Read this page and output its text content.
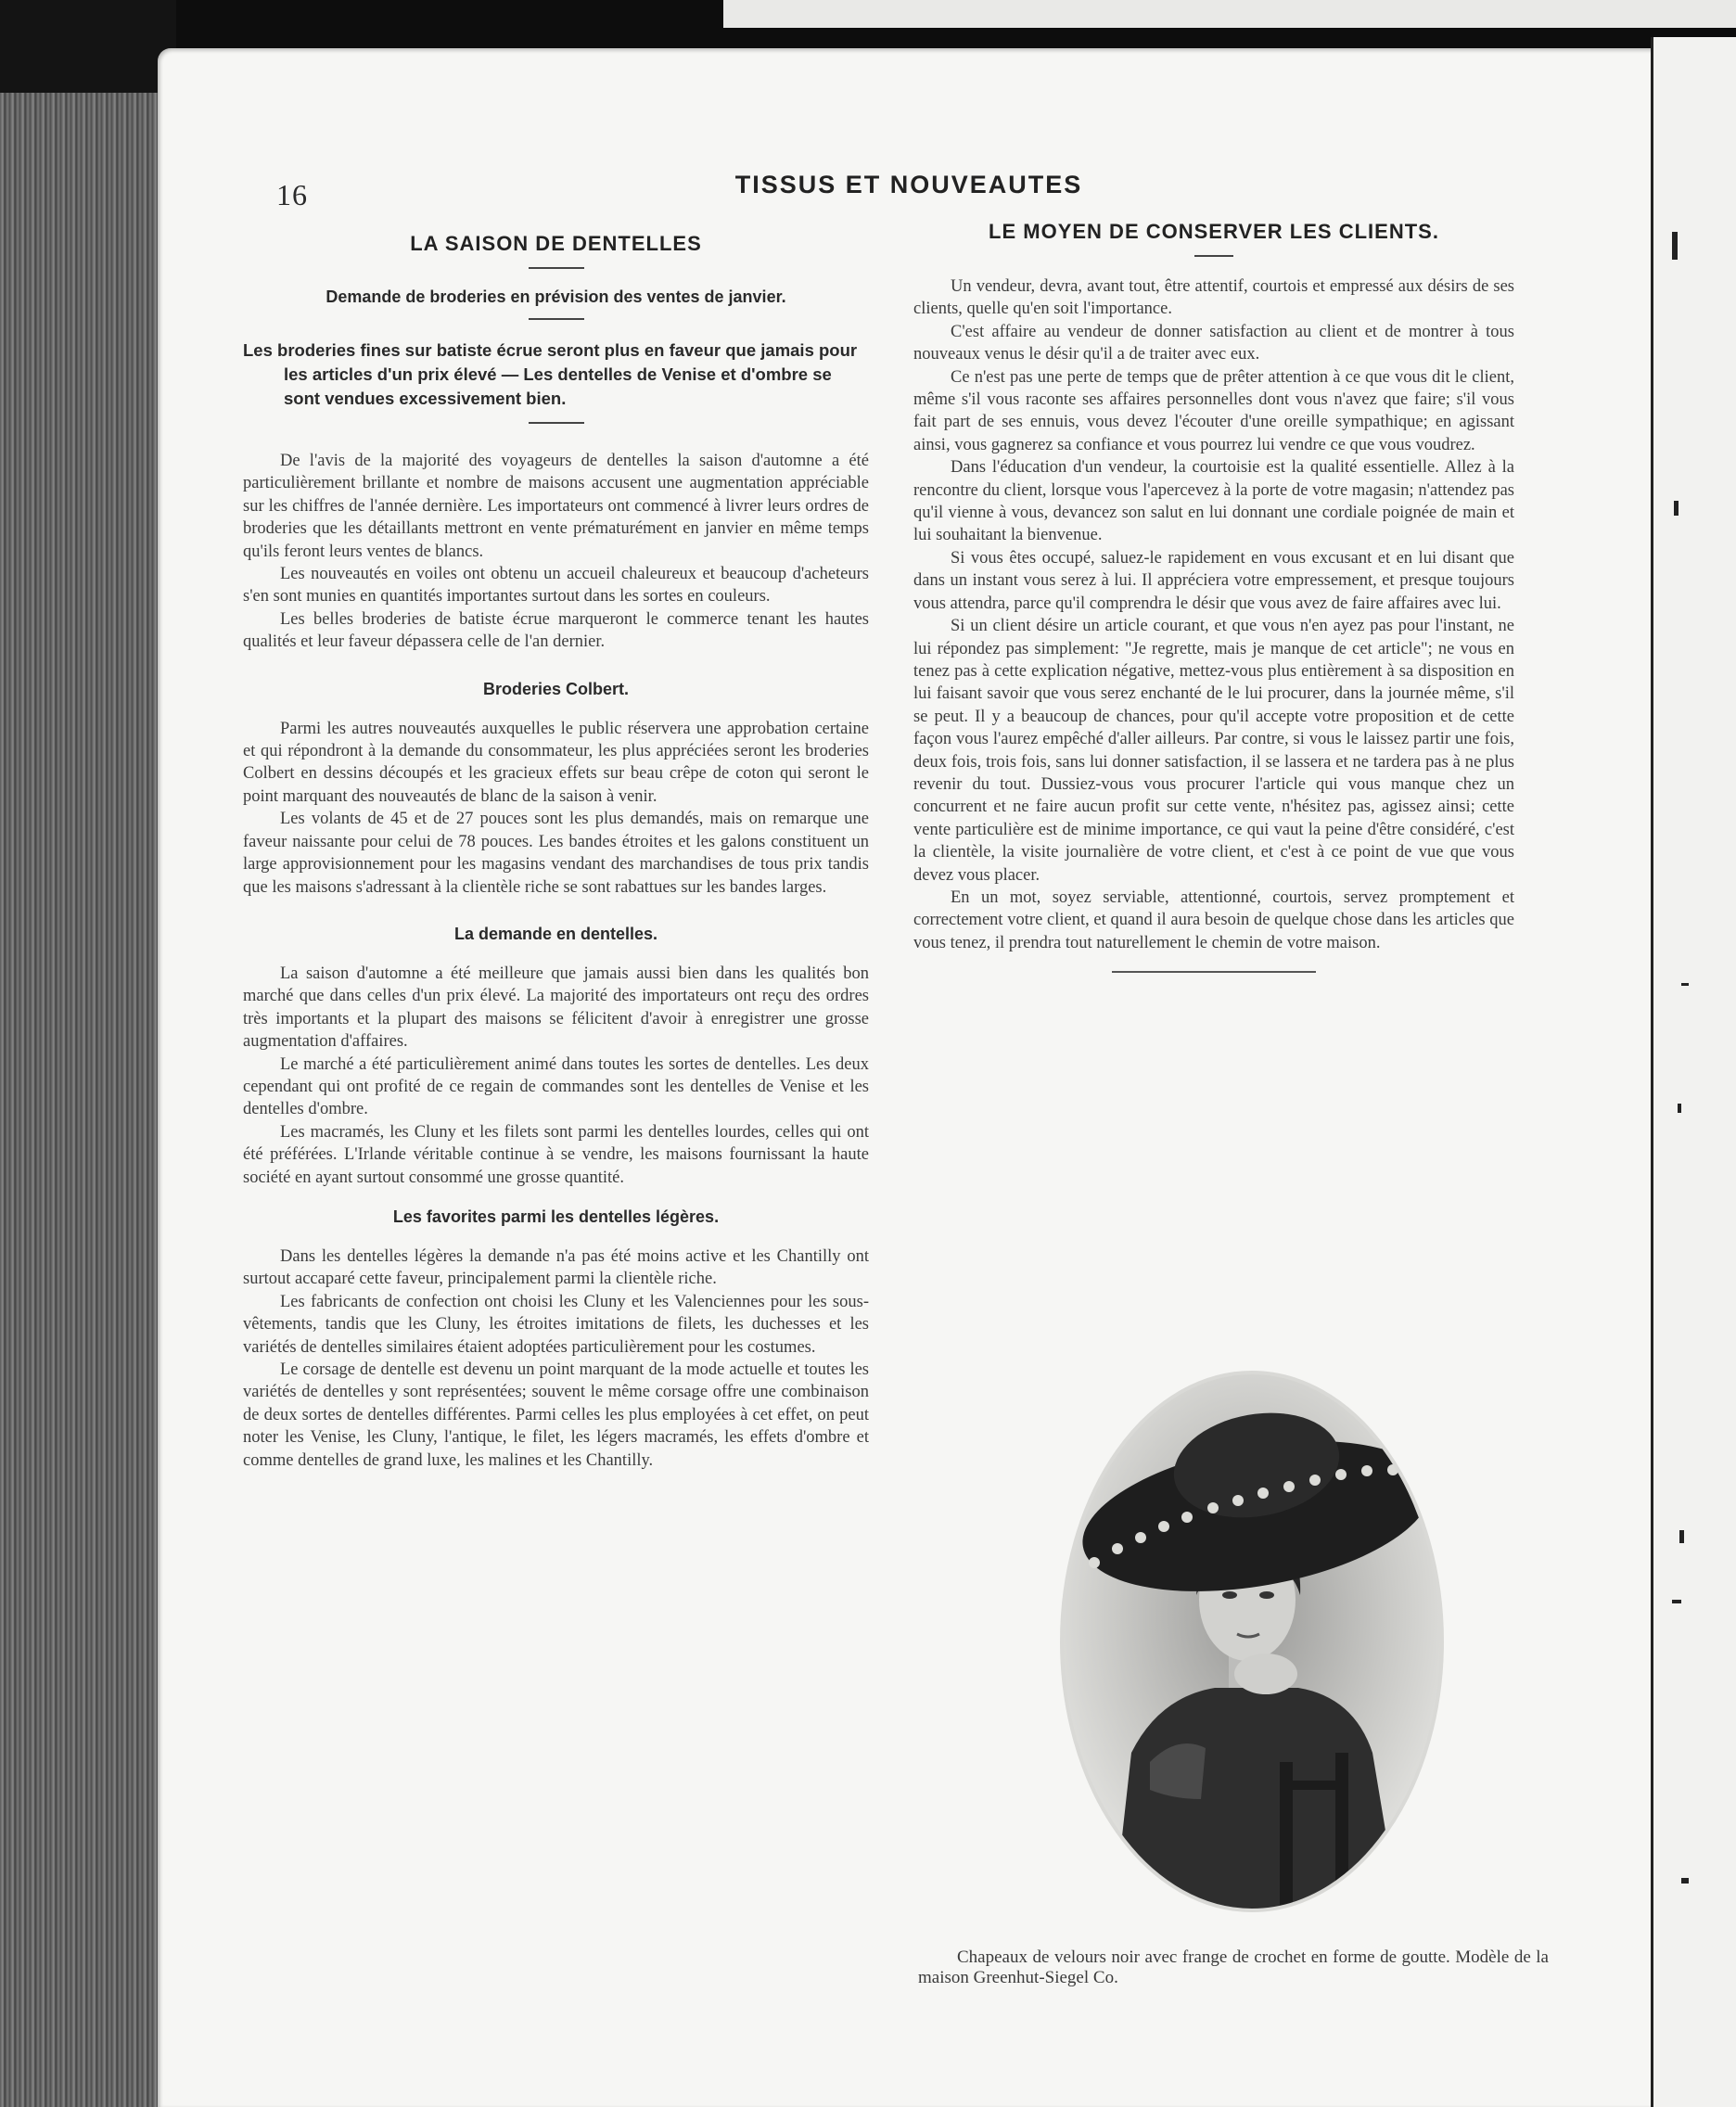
16	TISSUS ET NOUVEAUTES
LA SAISON DE DENTELLES
Demande de broderies en prévision des ventes de janvier.

Les broderies fines sur batiste écrue seront plus en faveur que jamais pour les articles d'un prix élevé — Les dentelles de Venise et d'ombre se sont vendues excessivement bien.

De l'avis de la majorité des voyageurs de dentelles la saison d'automne a été particulièrement brillante et nombre de maisons accusent une augmentation appréciable sur les chiffres de l'année dernière. Les importateurs ont commencé à livrer leurs ordres de broderies que les détaillants mettront en vente prématurément en janvier en même temps qu'ils feront leurs ventes de blancs.

Les nouveautés en voiles ont obtenu un accueil chaleureux et beaucoup d'acheteurs s'en sont munies en quantités importantes surtout dans les sortes en couleurs.

Les belles broderies de batiste écrue marqueront le commerce tenant les hautes qualités et leur faveur dépassera celle de l'an dernier.

Broderies Colbert.

Parmi les autres nouveautés auxquelles le public réservera une approbation certaine et qui répondront à la demande du consommateur, les plus appréciées seront les broderies Colbert en dessins découpés et les gracieux effets sur beau crêpe de coton qui seront le point marquant des nouveautés de blanc de la saison à venir.

Les volants de 45 et de 27 pouces sont les plus demandés, mais on remarque une faveur naissante pour celui de 78 pouces. Les bandes étroites et les galons constituent un large approvisionnement pour les magasins vendant des marchandises de tous prix tandis que les maisons s'adressant à la clientèle riche se sont rabattues sur les bandes larges.

La demande en dentelles.

La saison d'automne a été meilleure que jamais aussi bien dans les qualités bon marché que dans celles d'un prix élevé. La majorité des importateurs ont reçu des ordres très importants et la plupart des maisons se félicitent d'avoir à enregistrer une grosse augmentation d'affaires.

Le marché a été particulièrement animé dans toutes les sortes de dentelles. Les deux cependant qui ont profité de ce regain de commandes sont les dentelles de Venise et les dentelles d'ombre.

Les macramés, les Cluny et les filets sont parmi les dentelles lourdes, celles qui ont été préférées. L'Irlande véritable continue à se vendre, les maisons fournissant la haute société en ayant surtout consommé une grosse quantité.

Les favorites parmi les dentelles légères.

Dans les dentelles légères la demande n'a pas été moins active et les Chantilly ont surtout accaparé cette faveur, principalement parmi la clientèle riche.

Les fabricants de confection ont choisi les Cluny et les Valenciennes pour les sous-vêtements, tandis que les Cluny, les étroites imitations de filets, les duchesses et les variétés de dentelles similaires étaient adoptées particulièrement pour les costumes.

Le corsage de dentelle est devenu un point marquant de la mode actuelle et toutes les variétés de dentelles y sont représentées; souvent le même corsage offre une combinaison de deux sortes de dentelles différentes. Parmi celles les plus employées à cet effet, on peut noter les Venise, les Cluny, l'antique, le filet, les légers macramés, les effets d'ombre et comme dentelles de grand luxe, les malines et les Chantilly.

LE MOYEN DE CONSERVER LES CLIENTS.

Un vendeur, devra, avant tout, être attentif, courtois et empressé aux désirs de ses clients, quelle qu'en soit l'importance.

C'est affaire au vendeur de donner satisfaction au client et de montrer à tous nouveaux venus le désir qu'il a de traiter avec eux.

Ce n'est pas une perte de temps que de prêter attention à ce que vous dit le client, même s'il vous raconte ses affaires personnelles dont vous n'avez que faire; s'il vous fait part de ses ennuis, vous devez l'écouter d'une oreille sympathique; en agissant ainsi, vous gagnerez sa confiance et vous pourrez lui vendre ce que vous voudrez.

Dans l'éducation d'un vendeur, la courtoisie est la qualité essentielle. Allez à la rencontre du client, lorsque vous l'apercevez à la porte de votre magasin; n'attendez pas qu'il vienne à vous, devancez son salut en lui donnant une cordiale poignée de main et lui souhaitant la bienvenue.

Si vous êtes occupé, saluez-le rapidement en vous excusant et en lui disant que dans un instant vous serez à lui. Il appréciera votre empressement, et presque toujours vous attendra, parce qu'il comprendra le désir que vous avez de faire affaires avec lui.

Si un client désire un article courant, et que vous n'en ayez pas pour l'instant, ne lui répondez pas simplement: "Je regrette, mais je manque de cet article"; ne vous en tenez pas à cette explication négative, mettez-vous plus entièrement à sa disposition en lui faisant savoir que vous serez enchanté de le lui procurer, dans la journée même, s'il se peut. Il y a beaucoup de chances, pour qu'il accepte votre proposition et de cette façon vous l'aurez empêché d'aller ailleurs. Par contre, si vous le laissez partir une fois, deux fois, trois fois, sans lui donner satisfaction, il se lassera et ne tardera pas à ne plus revenir du tout. Dussiez-vous vous procurer l'article qui vous manque chez un concurrent et ne faire aucun profit sur cette vente, n'hésitez pas, agissez ainsi; cette vente particulière est de minime importance, ce qui vaut la peine d'être considéré, c'est la clientèle, la visite journalière de votre client, et c'est à ce point de vue que vous devez vous placer.

En un mot, soyez serviable, attentionné, courtois, servez promptement et correctement votre client, et quand il aura besoin de quelque chose dans les articles que vous tenez, il prendra tout naturellement le chemin de votre maison.

Chapeaux de velours noir avec frange de crochet en forme de goutte. Modèle de la maison Greenhut-Siegel Co.
